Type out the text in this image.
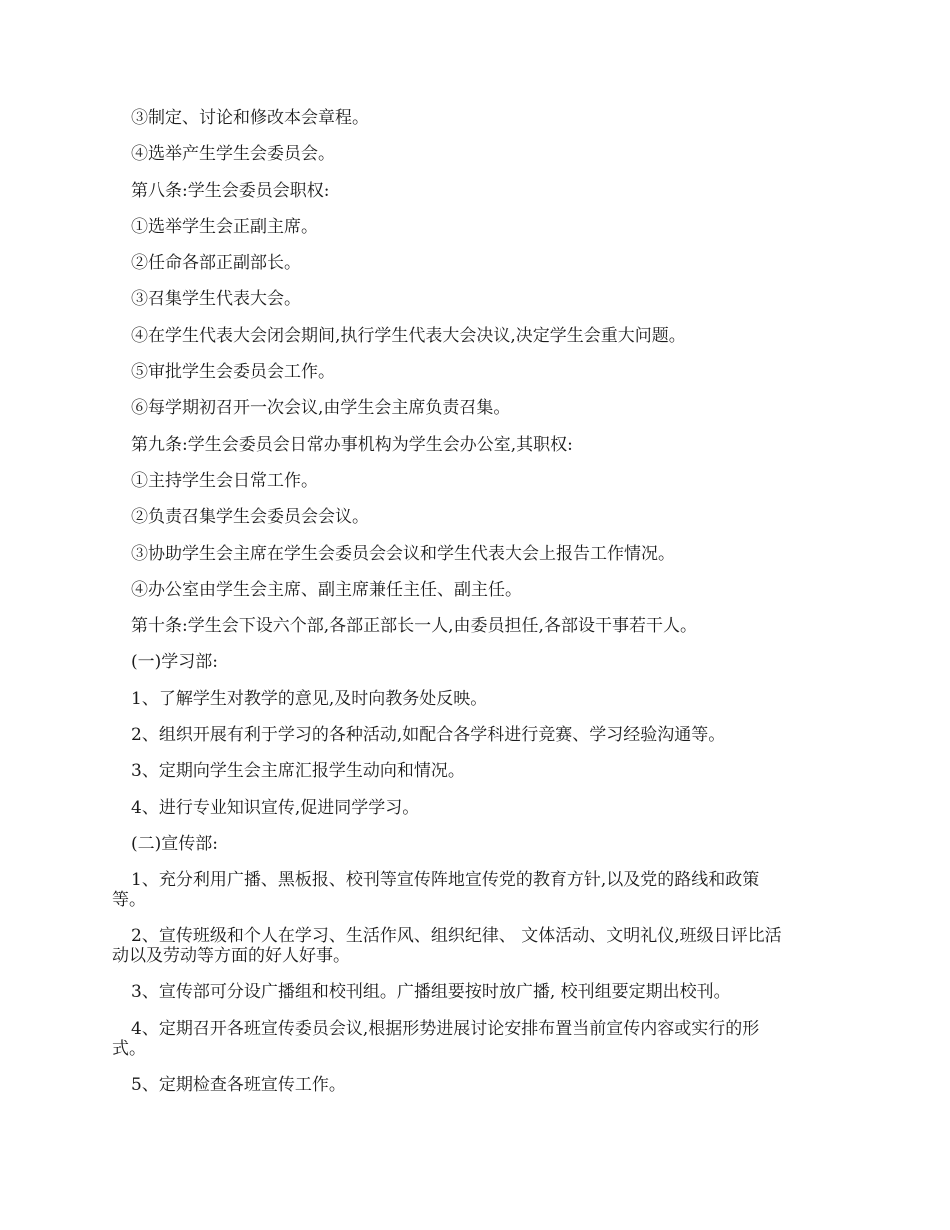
③制定、讨论和修改本会章程。

④选举产生学生会委员会。

第八条:学生会委员会职权:

①选举学生会正副主席。

②任命各部正副部长。

③召集学生代表大会。

④在学生代表大会闭会期间,执行学生代表大会决议,决定学生会重大问题。

⑤审批学生会委员会工作。

⑥每学期初召开一次会议,由学生会主席负责召集。

第九条:学生会委员会日常办事机构为学生会办公室,其职权:

①主持学生会日常工作。

②负责召集学生会委员会会议。

③协助学生会主席在学生会委员会会议和学生代表大会上报告工作情况。

④办公室由学生会主席、副主席兼任主任、副主任。

第十条:学生会下设六个部,各部正部长一人,由委员担任,各部设干事若干人。

(一)学习部:

1、了解学生对教学的意见,及时向教务处反映。

2、组织开展有利于学习的各种活动,如配合各学科进行竞赛、学习经验沟通等。

3、定期向学生会主席汇报学生动向和情况。

4、进行专业知识宣传,促进同学学习。

(二)宣传部:

1、充分利用广播、黑板报、校刊等宣传阵地宣传党的教育方针,以及党的路线和政策
等。
2、宣传班级和个人在学习、生活作风、组织纪律、 文体活动、文明礼仪,班级日评比活
动以及劳动等方面的好人好事。

3、宣传部可分设广播组和校刊组。广播组要按时放广播, 校刊组要定期出校刊。

4、定期召开各班宣传委员会议,根据形势进展讨论安排布置当前宣传内容或实行的形
式。

5、定期检查各班宣传工作。
